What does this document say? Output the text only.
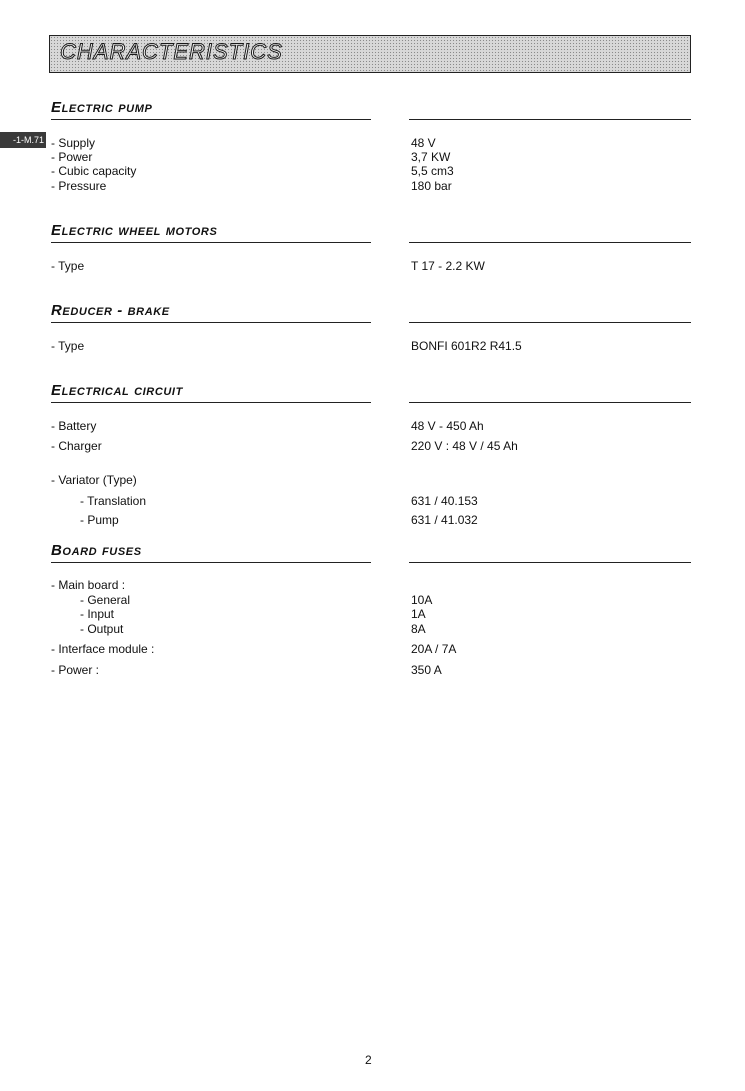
CHARACTERISTICS
-1-M.71
Electric pump
- Supply	48 V
- Power	3,7 KW
- Cubic capacity	5,5 cm3
- Pressure	180 bar
Electric wheel motors
- Type	T 17 - 2.2 KW
Reducer - brake
- Type	BONFI 601R2 R41.5
Electrical circuit
- Battery	48 V - 450 Ah
- Charger	220 V : 48 V / 45 Ah
- Variator (Type)
- Translation	631 / 40.153
- Pump	631 / 41.032
Board fuses
- Main board :
- General	10A
- Input	1A
- Output	8A
- Interface module :	20A / 7A
- Power :	350 A
2
